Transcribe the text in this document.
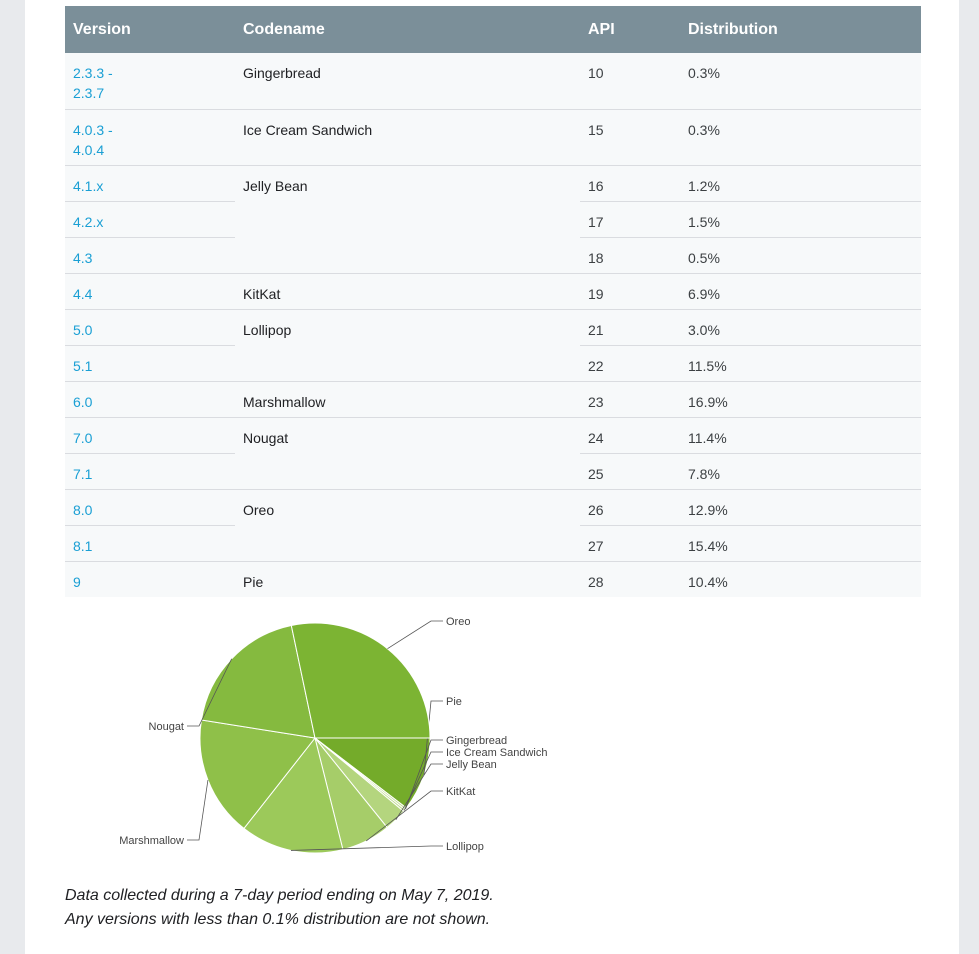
Version	Codename	API	Distribution
2.3.3 -
2.3.7	Gingerbread	10	0.3%
4.0.3 -
4.0.4	Ice Cream Sandwich	15	0.3%
4.1.x	Jelly Bean	16	1.2%
4.2.x		17	1.5%
4.3		18	0.5%
4.4	KitKat	19	6.9%
5.0	Lollipop	21	3.0%
5.1		22	11.5%
6.0	Marshmallow	23	16.9%
7.0	Nougat	24	11.4%
7.1		25	7.8%
8.0	Oreo	26	12.9%
8.1		27	15.4%
9	Pie	28	10.4%
Pie
Gingerbread
Ice Cream Sandwich
Jelly Bean
KitKat
Lollipop
Marshmallow
Nougat
Oreo
Data collected during a 7-day period ending on May 7, 2019.
Any versions with less than 0.1% distribution are not shown.
